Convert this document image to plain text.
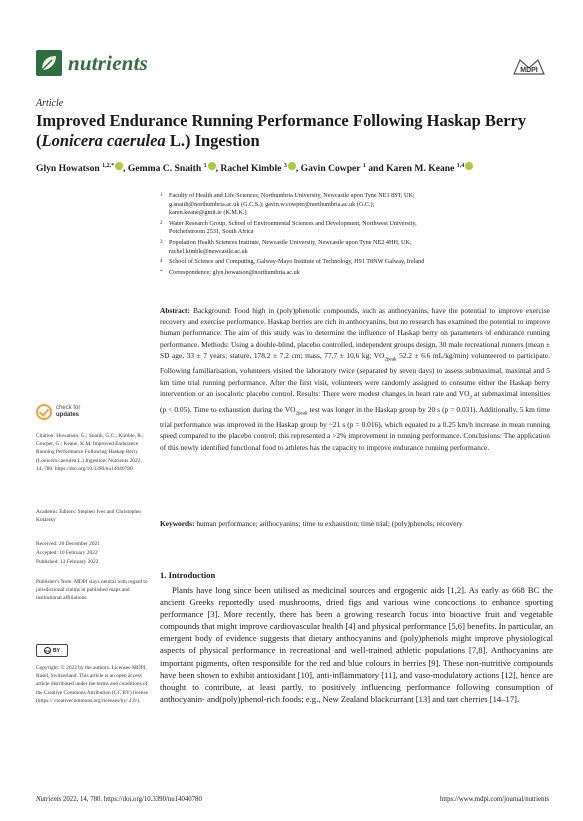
nutrients	MDPI
Article
Improved Endurance Running Performance Following Haskap Berry (Lonicera caerulea L.) Ingestion
Glyn Howatson $^{1,2,*}$ , Gemma C. Snaith $^1$ , Rachel Kimble $^3$ , Gavin Cowper $^1$ and Karen M. Keane $^{1,4}$
1	Faculty of Health and Life Sciences, Northumbria University, Newcastle upon Tyne NE1 8ST, UK;
g.snaith@northumbria.ac.uk (G.C.S.); gavin.w.cowper@northumbria.ac.uk (G.C.);
karen.keane@gmit.ie (K.M.K.)
2	Water Research Group, School of Environmental Sciences and Development, Northwest University,
Potchefstroom 2531, South Africa
3	Population Health Sciences Institute, Newcastle University, Newcastle upon Tyne NE2 4HH, UK;
rachel.kimble@newcastle.ac.uk
4	School of Science and Computing, Galway-Mayo Institute of Technology, H91 T8NW Galway, Ireland
*	Correspondence: glyn.howatson@northumbria.ac.uk
Abstract: Background: Food high in (poly)phenolic compounds, such as anthocyanins, have the potential to improve exercise recovery and exercise performance. Haskap berries are rich in anthocyanins, but no research has examined the potential to improve human performance. The aim of this study was to determine the influence of Haskap berry on parameters of endurance running performance. Methods: Using a double-blind, placebo controlled, independent groups design, 30 male recreational runners (mean ± SD age, 33 ± 7 years; stature, 178.2 ± 7.2 cm; mass, 77.7 ± 10.6 kg; $VO_{2peak}$ 52.2 ± 6.6 mL/kg/min) volunteered to participate. Following familiarisation, volunteers visited the laboratory twice (separated by seven days) to assess submaximal, maximal and 5 km time trial running performance. After the first visit, volunteers were randomly assigned to consume either the Haskap berry intervention or an isocaloric placebo control. Results: There were modest changes in heart rate and $VO_2$ at submaximal intensities (p < 0.05). Time to exhaustion during the $VO_{2peak}$ test was longer in the Haskap group by 20 s (p = 0.031). Additionally, 5 km time trial performance was improved in the Haskap group by ~21 s (p = 0.016), which equated to a 0.25 km/h increase in mean running speed compared to the placebo control; this represented a >2% improvement in running performance. Conclusions: The application of this newly identified functional food to athletes has the capacity to improve endurance running performance.
Keywords: human performance; anthocyanins; time to exhaustion; time trial; (poly)phenols; recovery
check for
updates
Citation: Howatson, G.; Snaith, G.C.; Kimble, R.; Cowper, G.; Keane, K.M. Improved Endurance Running Performance Following Haskap Berry (Lonicera caerulea L.) Ingestion. Nutrients 2022, 14, 780. https://doi.org/10.3390/nu14040780
Academic Editors: Stephen Ives and Christopher Kotarsky
Received: 20 December 2021
Accepted: 10 February 2022
Published: 13 February 2022
Publisher's Note: MDPI stays neutral with regard to jurisdictional claims in published maps and institutional affiliations.
cc BY
Copyright: © 2022 by the authors. Licensee MDPI, Basel, Switzerland. This article is an open access article distributed under the terms and conditions of the Creative Commons Attribution (CC BY) license (https:// creativecommons.org/licenses/by/ 4.0/).
1. Introduction
Plants have long since been utilised as medicinal sources and ergogenic aids [1,2]. As early as 668 BC the ancient Greeks reportedly used mushrooms, dried figs and various wine concoctions to enhance sporting performance [3]. More recently, there has been a growing research focus into bioactive fruit and vegetable compounds that might improve cardiovascular health [4] and physical performance [5,6] benefits. In particular, an emergent body of evidence suggests that dietary anthocyanins and (poly)phenols might improve physiological aspects of physical performance in recreational and well-trained athletic populations [7,8]. Anthocyanins are important pigments, often responsible for the red and blue colours in berries [9]. These non-nutritive compounds have been shown to exhibit antioxidant [10], anti-inflammatory [11], and vaso-modulatory actions [12], hence are thought to contribute, at least partly, to positively influencing performance following consumption of anthocyanin- and(poly)phenol-rich foods; e.g., New Zealand blackcurrant [13] and tart cherries [14–17].
Nutrients 2022, 14, 780. https://doi.org/10.3390/nu14040780	https://www.mdpi.com/journal/nutrients
